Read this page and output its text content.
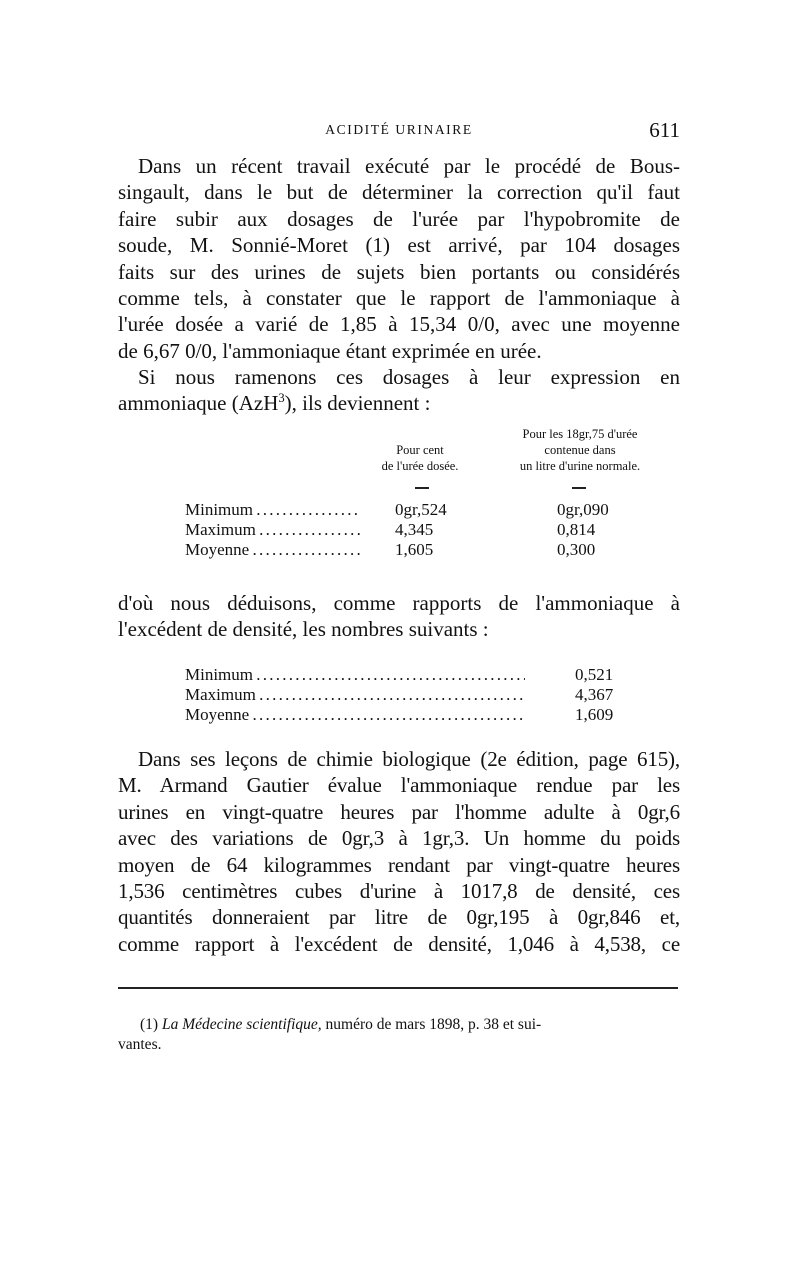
ACIDITÉ URINAIRE	611
Dans un récent travail exécuté par le procédé de Bous-
singault, dans le but de déterminer la correction qu'il faut
faire subir aux dosages de l'urée par l'hypobromite de
soude, M. Sonnié-Moret (1) est arrivé, par 104 dosages
faits sur des urines de sujets bien portants ou considérés
comme tels, à constater que le rapport de l'ammoniaque à
l'urée dosée a varié de 1,85 à 15,34 0/0, avec une moyenne
de 6,67 0/0, l'ammoniaque étant exprimée en urée.
Si nous ramenons ces dosages à leur expression en
ammoniaque (AzH$^3$), ils deviennent :
Pour cent
de l'urée dosée.
Pour les 18gr,75 d'urée
contenue dans
un litre d'urine normale.
Minimum . . .	0gr,524	0gr,090
Maximum . . .	4,345	0,814
Moyenne . . .	1,605	0,300
d'où nous déduisons, comme rapports de l'ammoniaque à
l'excédent de densité, les nombres suivants :
Minimum . . .	0,521
Maximum . . .	4,367
Moyenne . . .	1,609
Dans ses leçons de chimie biologique (2e édition, page 615),
M. Armand Gautier évalue l'ammoniaque rendue par les
urines en vingt-quatre heures par l'homme adulte à 0gr,6
avec des variations de 0gr,3 à 1gr,3. Un homme du poids
moyen de 64 kilogrammes rendant par vingt-quatre heures
1,536 centimètres cubes d'urine à 1017,8 de densité, ces
quantités donneraient par litre de 0gr,195 à 0gr,846 et,
comme rapport à l'excédent de densité, 1,046 à 4,538, ce
(1) La Médecine scientifique, numéro de mars 1898, p. 38 et sui-
vantes.
